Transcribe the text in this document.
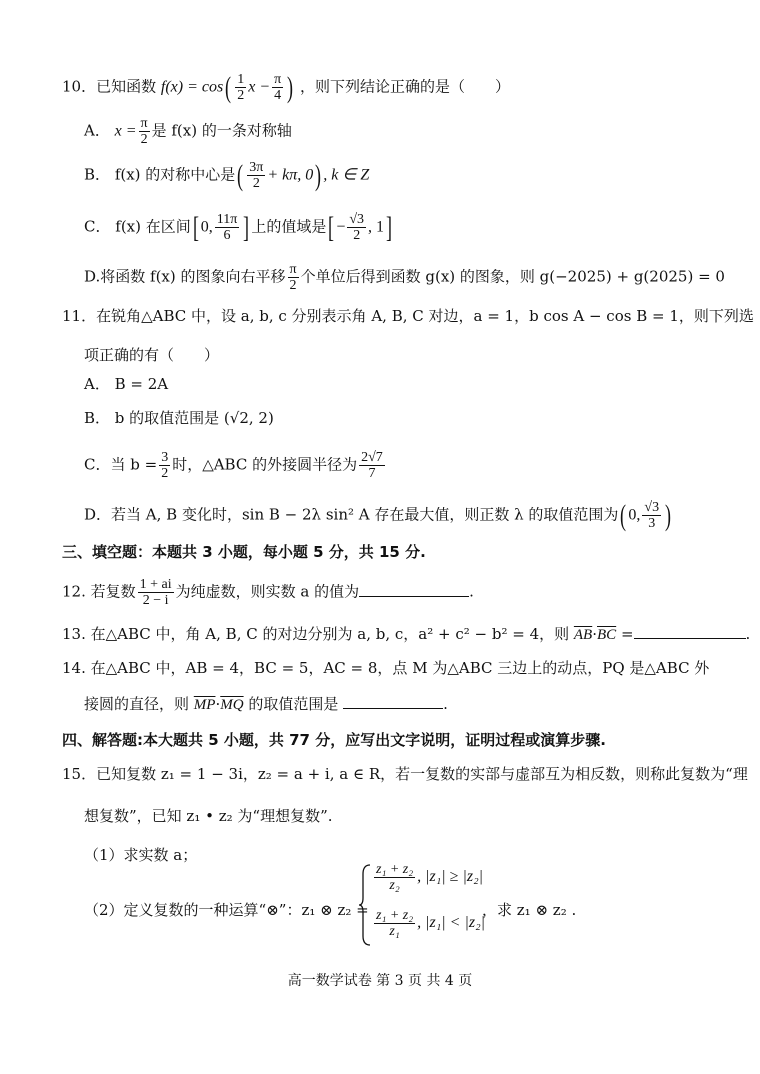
10．已知函数 $f(x) = \cos( \frac{1}{2}$ $x - \frac{\pi}{4}$ ) ，则下列结论正确的是（　　）
A． $x = \frac{\pi}{2}$ 是 f(x) 的一条对称轴
B． f(x) 的对称中心是( $\frac{3\pi}{2} + k\pi$, 0) , k ∈ Z
C． f(x) 在区间[ 0, $\frac{11\pi}{6}$ ] 上的值域是[ − $\frac{√3}{2}$ , 1]
D.将函数 f(x) 的图象向右平移 $\frac{\pi}{2}$ 个单位后得到函数 g(x) 的图象，则 g(−2025) + g(2025) = 0
11．在锐角△ABC 中，设 a, b, c 分别表示角 A, B, C 对边，a = 1，b cos A − cos B = 1，则下列选
项正确的有（　　）
A． B = 2A
B． b 的取值范围是 (√2, 2)
C．当 $b = \frac{3}{2}$ 时，△ABC 的外接圆半径为 $\frac{2√7}{7}$
D．若当 A, B 变化时，sin B − 2λ sin² A 存在最大值，则正数 λ 的取值范围为( 0, $\frac{√3}{3}$ )
三、填空题：本题共 3 小题，每小题 5 分，共 15 分.
12. 若复数 $\frac{1 + ai}{2 - i}$ 为纯虚数，则实数 a 的值为	.
13. 在△ABC 中，角 A, B, C 的对边分别为 a, b, c，a² + c² − b² = 4，则 $\overline{AB}\cdot\overline{BC}$ =	.
14. 在△ABC 中，AB = 4，BC = 5，AC = 8，点 M 为△ABC 三边上的动点，PQ 是△ABC 外
接圆的直径，则 $\overline{MP}\cdot\overline{MQ}$ 的取值范围是	.
四、解答题:本大题共 5 小题，共 77 分，应写出文字说明，证明过程或演算步骤.
15．已知复数 z₁ = 1 − 3i，z₂ = a + i, a ∈ R，若一复数的实部与虚部互为相反数，则称此复数为“理
想复数”，已知 z₁ • z₂ 为“理想复数”.
（1）求实数 a；
（2）定义复数的一种运算“⊗”：z₁ ⊗ z₂ =
$\frac{\text{z₁ + z₂}}{\text{z₂}}$ , |z₁| ≥ |z₂|
$\frac{\text{z₁ + z₂}}{\text{z₁}}$ , |z₁| < |z₂|
，求 z₁ ⊗ z₂ .
高一数学试卷 第 3 页 共 4 页
